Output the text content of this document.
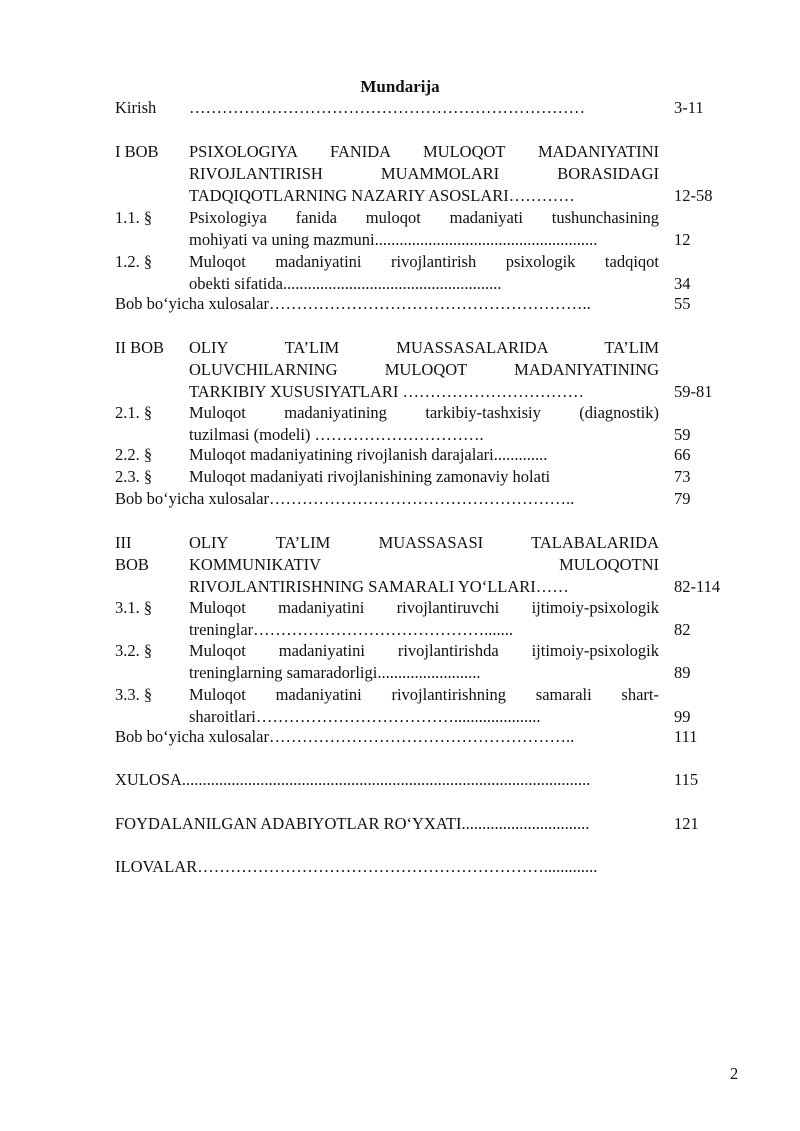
Mundarija
Kirish ………………………………………………………………	3-11
I BOB PSIXOLOGIYA FANIDA MULOQOT MADANIYATINI
RIVOJLANTIRISH MUAMMOLARI BORASIDAGI
TADQIQOTLARNING NAZARIY ASOSLARI…………	12-58
1.1. § Psixologiya fanida muloqot madaniyati tushunchasining
mohiyati va uning mazmuni......................................................	12
1.2. § Muloqot madaniyatini rivojlantirish psixologik tadqiqot
obekti sifatida.....................................................	34
Bob bo‘yicha xulosalar…………………………………………………..	55
II BOB OLIY TA’LIM MUASSASALARIDA TA’LIM
OLUVCHILARNING MULOQOT MADANIYATINING
TARKIBIY XUSUSIYATLARI ……………………………	59-81
2.1. § Muloqot madaniyatining tarkibiy-tashxisiy (diagnostik)
tuzilmasi (modeli) ………………………….	59
2.2. § Muloqot madaniyatining rivojlanish darajalari.............	66
2.3. § Muloqot madaniyati rivojlanishining zamonaviy holati	73
Bob bo‘yicha xulosalar………………………………………………..	79
III
BOB
OLIY TA’LIM MUASSASASI TALABALARIDA
KOMMUNIKATIV MULOQOTNI
RIVOJLANTIRISHNING SAMARALI YO‘LLARI……	82-114
3.1. § Muloqot madaniyatini rivojlantiruvchi ijtimoiy-psixologik
treninglar…………………………………….......	82
3.2. § Muloqot madaniyatini rivojlantirishda ijtimoiy-psixologik
treninglarning samaradorligi.........................	89
3.3. § Muloqot madaniyatini rivojlantirishning samarali shart-
sharoitlari……………………………….....................	99
Bob bo‘yicha xulosalar………………………………………………..	111
XULOSA...................................................................................................	115
FOYDALANILGAN ADABIYOTLAR RO‘YXATI...............................	121
ILOVALAR……………………………………………………….............
2
